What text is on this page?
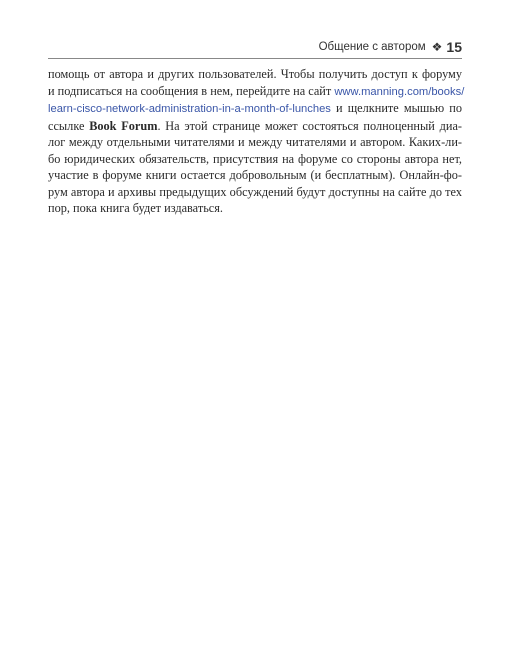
Общение с автором ❖ 15
помощь от автора и других пользователей. Чтобы получить доступ к форуму
и подписаться на сообщения в нем, перейдите на сайт www.manning.com/books/
learn-cisco-network-administration-in-a-month-of-lunches и щелкните мышью по
ссылке Book Forum. На этой странице может состояться полноценный диа-
лог между отдельными читателями и между читателями и автором. Каких-ли-
бо юридических обязательств, присутствия на форуме со стороны автора нет,
участие в форуме книги остается добровольным (и бесплатным). Онлайн-фо-
рум автора и архивы предыдущих обсуждений будут доступны на сайте до тех
пор, пока книга будет издаваться.
